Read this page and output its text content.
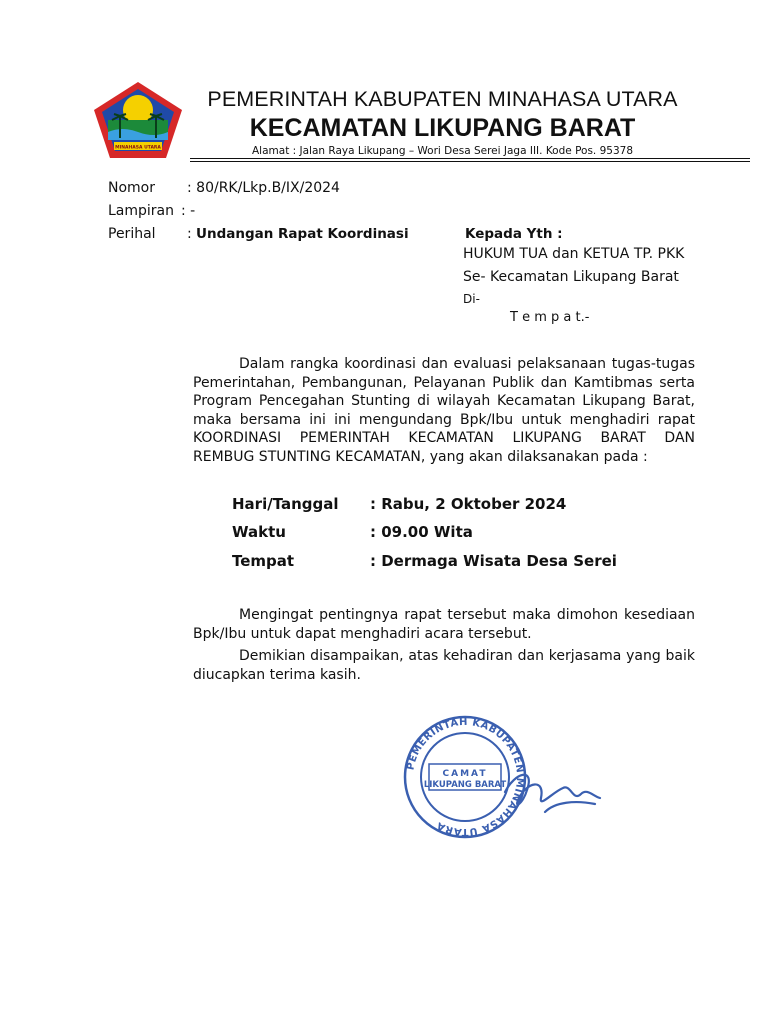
MINAHASA UTARA
PEMERINTAH KABUPATEN MINAHASA UTARA
KECAMATAN LIKUPANG BARAT
Alamat : Jalan Raya Likupang – Wori Desa Serei Jaga III. Kode Pos. 95378
Nomor : 80/RK/Lkp.B/IX/2024
Lampiran : -
Perihal : Undangan Rapat Koordinasi	Kepada Yth :
HUKUM TUA dan KETUA TP. PKK
Se- Kecamatan Likupang Barat
Di-
T e m p a t.-
Dalam rangka koordinasi dan evaluasi pelaksanaan tugas-tugas
Pemerintahan, Pembangunan, Pelayanan Publik dan Kamtibmas serta
Program Pencegahan Stunting di wilayah Kecamatan Likupang Barat,
maka bersama ini ini mengundang Bpk/Ibu untuk menghadiri rapat
KOORDINASI PEMERINTAH KECAMATAN LIKUPANG BARAT DAN
REMBUG STUNTING KECAMATAN, yang akan dilaksanakan pada :
Hari/Tanggal : Rabu, 2 Oktober 2024
Waktu	: 09.00 Wita
Tempat	: Dermaga Wisata Desa Serei
Mengingat pentingnya rapat tersebut maka dimohon kesediaan
Bpk/Ibu untuk dapat menghadiri acara tersebut.
Demikian disampaikan, atas kehadiran dan kerjasama yang baik
diucapkan terima kasih.
PEMERINTAH KABUPATEN MINAHASA UTARA
CAMAT
LIKUPANG BARAT
